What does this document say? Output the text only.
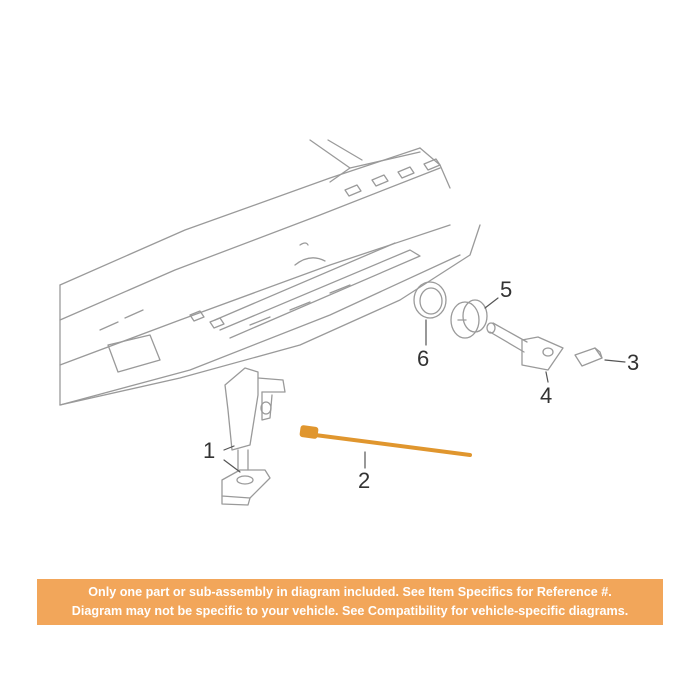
1
2
3
4
5
6
Only one part or sub-assembly in diagram included. See Item Specifics for Reference #.
Diagram may not be specific to your vehicle. See Compatibility for vehicle-specific diagrams.
